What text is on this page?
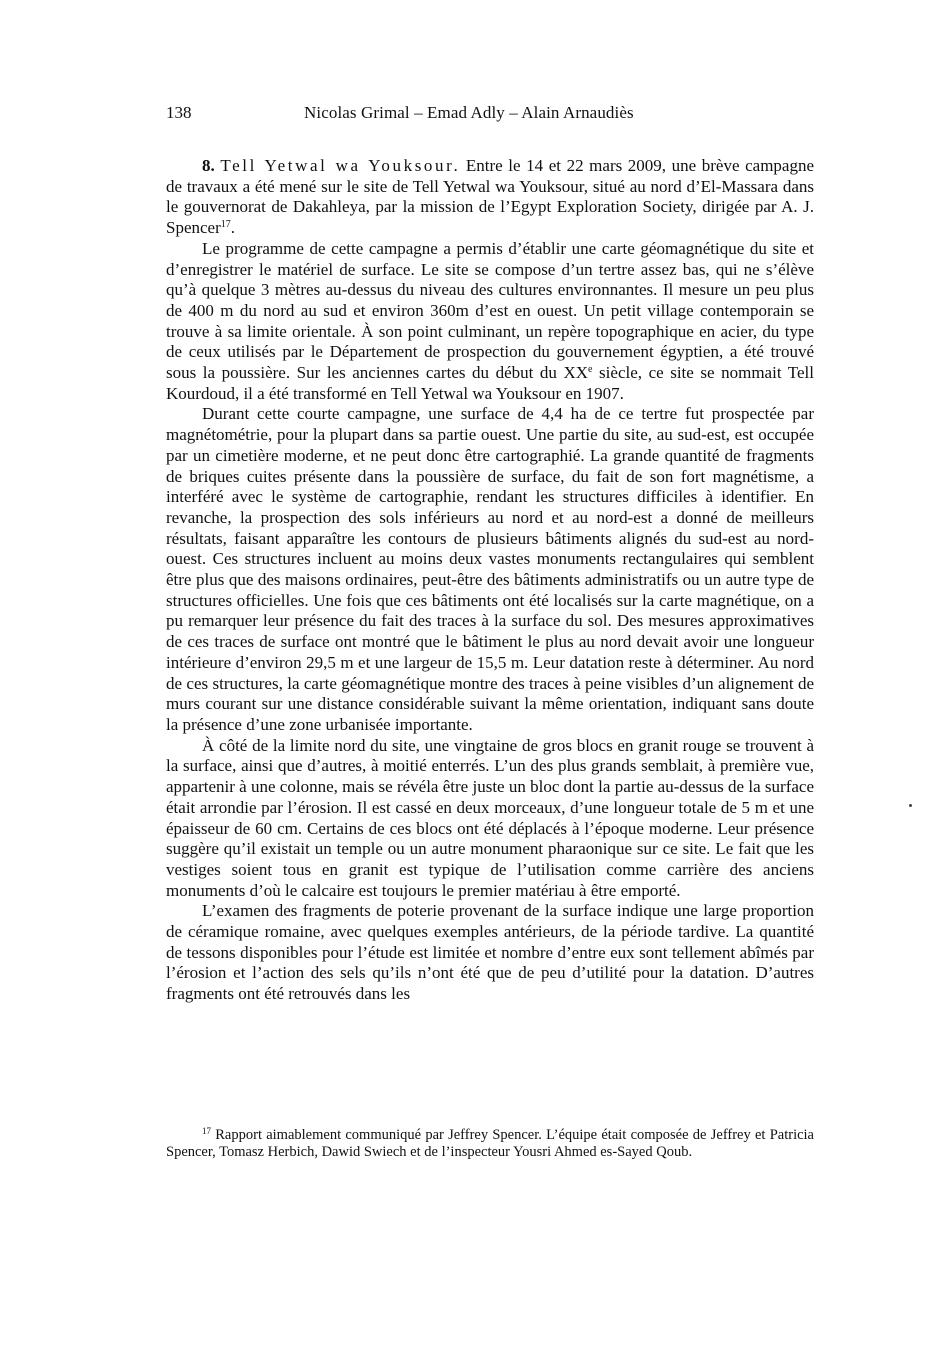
138	Nicolas Grimal – Emad Adly – Alain Arnaudiès

8. Tell Yetwal wa Youksour. Entre le 14 et 22 mars 2009, une brève campagne de travaux a été mené sur le site de Tell Yetwal wa Youksour, situé au nord d’El-Massara dans le gouvernorat de Dakahleya, par la mission de l’Egypt Exploration Society, dirigée par A. J. Spencer$^{17}$.

Le programme de cette campagne a permis d’établir une carte géomagnétique du site et d’enregistrer le matériel de surface. Le site se compose d’un tertre assez bas, qui ne s’élève qu’à quelque 3 mètres au-dessus du niveau des cultures environnantes. Il mesure un peu plus de 400 m du nord au sud et environ 360m d’est en ouest. Un petit village contemporain se trouve à sa limite orientale. À son point culminant, un repère topographique en acier, du type de ceux utilisés par le Département de prospection du gouvernement égyptien, a été trouvé sous la poussière. Sur les anciennes cartes du début du XXe siècle, ce site se nommait Tell Kourdoud, il a été transformé en Tell Yetwal wa Youksour en 1907.

Durant cette courte campagne, une surface de 4,4 ha de ce tertre fut prospectée par magnétométrie, pour la plupart dans sa partie ouest. Une partie du site, au sud-est, est occupée par un cimetière moderne, et ne peut donc être cartographié. La grande quantité de fragments de briques cuites présente dans la poussière de surface, du fait de son fort magnétisme, a interféré avec le système de cartographie, rendant les structures difficiles à identifier. En revanche, la prospection des sols inférieurs au nord et au nord-est a donné de meilleurs résultats, faisant apparaître les contours de plusieurs bâtiments alignés du sud-est au nord-ouest. Ces structures incluent au moins deux vastes monuments rectangulaires qui semblent être plus que des maisons ordinaires, peut-être des bâtiments administratifs ou un autre type de structures officielles. Une fois que ces bâtiments ont été localisés sur la carte magnétique, on a pu remarquer leur présence du fait des traces à la surface du sol. Des mesures approximatives de ces traces de surface ont montré que le bâtiment le plus au nord devait avoir une longueur intérieure d’environ 29,5 m et une largeur de 15,5 m. Leur datation reste à déterminer. Au nord de ces structures, la carte géomagnétique montre des traces à peine visibles d’un alignement de murs courant sur une distance considérable suivant la même orientation, indiquant sans doute la présence d’une zone urbanisée importante.

À côté de la limite nord du site, une vingtaine de gros blocs en granit rouge se trouvent à la surface, ainsi que d’autres, à moitié enterrés. L’un des plus grands semblait, à première vue, appartenir à une colonne, mais se révéla être juste un bloc dont la partie au-dessus de la surface était arrondie par l’érosion. Il est cassé en deux morceaux, d’une longueur totale de 5 m et une épaisseur de 60 cm. Certains de ces blocs ont été déplacés à l’époque moderne. Leur présence suggère qu’il existait un temple ou un autre monument pharaonique sur ce site. Le fait que les vestiges soient tous en granit est typique de l’utilisation comme carrière des anciens monuments d’où le calcaire est toujours le premier matériau à être emporté.

L’examen des fragments de poterie provenant de la surface indique une large proportion de céramique romaine, avec quelques exemples antérieurs, de la période tardive. La quantité de tessons disponibles pour l’étude est limitée et nombre d’entre eux sont tellement abîmés par l’érosion et l’action des sels qu’ils n’ont été que de peu d’utilité pour la datation. D’autres fragments ont été retrouvés dans les

$^{17}$ Rapport aimablement communiqué par Jeffrey Spencer. L’équipe était composée de Jeffrey et Patricia Spencer, Tomasz Herbich, Dawid Swiech et de l’inspecteur Yousri Ahmed es-Sayed Qoub.
